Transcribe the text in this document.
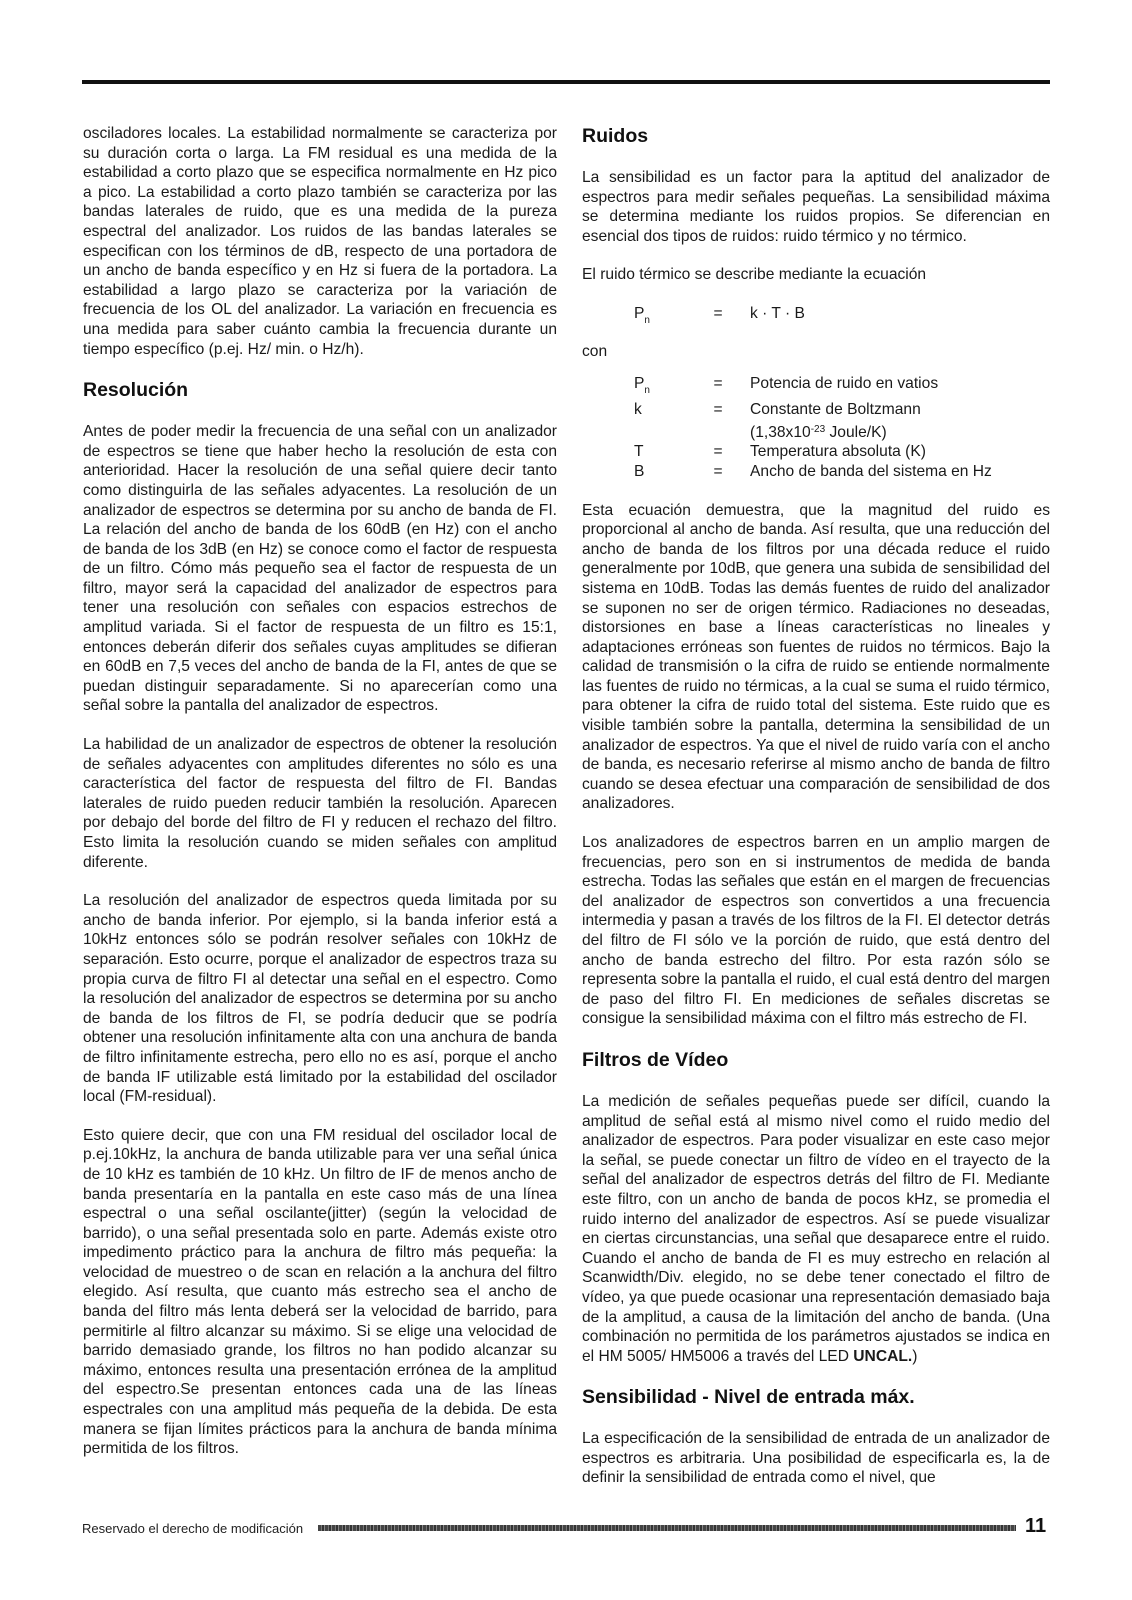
osciladores locales. La estabilidad normalmente se caracteriza por su duración corta o larga. La FM residual es una medida de la estabilidad a corto plazo que se especifica normalmente en Hz pico a pico. La estabilidad a corto plazo también se caracteriza por las bandas laterales de ruido, que es una medida de la pureza espectral del analizador. Los ruidos de las bandas laterales se especifican con los términos de dB, respecto de una portadora de un ancho de banda específico y en Hz si fuera de la portadora. La estabilidad a largo plazo se caracteriza por la variación de frecuencia de los OL del analizador. La variación en frecuencia es una medida para saber cuánto cambia la frecuencia durante un tiempo específico (p.ej. Hz/ min. o Hz/h).

Resolución

Antes de poder medir la frecuencia de una señal con un analizador de espectros se tiene que haber hecho la resolución de esta con anterioridad. Hacer la resolución de una señal quiere decir tanto como distinguirla de las señales adyacentes. La resolución de un analizador de espectros se determina por su ancho de banda de FI. La relación del ancho de banda de los 60dB (en Hz) con el ancho de banda de los 3dB (en Hz) se conoce como el factor de respuesta de un filtro. Cómo más pequeño sea el factor de respuesta de un filtro, mayor será la capacidad del analizador de espectros para tener una resolución con señales con espacios estrechos de amplitud variada. Si el factor de respuesta de un filtro es 15:1, entonces deberán diferir dos señales cuyas amplitudes se difieran en 60dB en 7,5 veces del ancho de banda de la FI, antes de que se puedan distinguir separadamente. Si no aparecerían como una señal sobre la pantalla del analizador de espectros.

La habilidad de un analizador de espectros de obtener la resolución de señales adyacentes con amplitudes diferentes no sólo es una característica del factor de respuesta del filtro de FI. Bandas laterales de ruido pueden reducir también la resolución. Aparecen por debajo del borde del filtro de FI y reducen el rechazo del filtro. Esto limita la resolución cuando se miden señales con amplitud diferente.

La resolución del analizador de espectros queda limitada por su ancho de banda inferior. Por ejemplo, si la banda inferior está a 10kHz entonces sólo se podrán resolver señales con 10kHz de separación. Esto ocurre, porque el analizador de espectros traza su propia curva de filtro FI al detectar una señal en el espectro. Como la resolución del analizador de espectros se determina por su ancho de banda de los filtros de FI, se podría deducir que se podría obtener una resolución infinitamente alta con una anchura de banda de filtro infinitamente estrecha, pero ello no es así, porque el ancho de banda IF utilizable está limitado por la estabilidad del oscilador local (FM-residual).

Esto quiere decir, que con una FM residual del oscilador local de p.ej.10kHz, la anchura de banda utilizable para ver una señal única de 10 kHz es también de 10 kHz. Un filtro de IF de menos ancho de banda presentaría en la pantalla en este caso más de una línea espectral o una señal oscilante(jitter) (según la velocidad de barrido), o una señal presentada solo en parte. Además existe otro impedimento práctico para la anchura de filtro más pequeña: la velocidad de muestreo o de scan en relación a la anchura del filtro elegido. Así resulta, que cuanto más estrecho sea el ancho de banda del filtro más lenta deberá ser la velocidad de barrido, para permitirle al filtro alcanzar su máximo. Si se elige una velocidad de barrido demasiado grande, los filtros no han podido alcanzar su máximo, entonces resulta una presentación errónea de la amplitud del espectro.Se presentan entonces cada una de las líneas espectrales con una amplitud más pequeña de la debida. De esta manera se fijan límites prácticos para la anchura de banda mínima permitida de los filtros.

Ruidos

La sensibilidad es un factor para la aptitud del analizador de espectros para medir señales pequeñas. La sensibilidad máxima se determina mediante los ruidos propios. Se diferencian en esencial dos tipos de ruidos: ruido térmico y no térmico.

El ruido térmico se describe mediante la ecuación

$P_n$	=	k · T · B

con

$P_n$	=	Potencia de ruido en vatios
k	=	Constante de Boltzmann
		($1,38x10^{-23}$ Joule/K)
T	=	Temperatura absoluta (K)
B	=	Ancho de banda del sistema en Hz

Esta ecuación demuestra, que la magnitud del ruido es proporcional al ancho de banda. Así resulta, que una reducción del ancho de banda de los filtros por una década reduce el ruido generalmente por 10dB, que genera una subida de sensibilidad del sistema en 10dB. Todas las demás fuentes de ruido del analizador se suponen no ser de origen térmico. Radiaciones no deseadas, distorsiones en base a líneas características no lineales y adaptaciones erróneas son fuentes de ruidos no térmicos. Bajo la calidad de transmisión o la cifra de ruido se entiende normalmente las fuentes de ruido no térmicas, a la cual se suma el ruido térmico, para obtener la cifra de ruido total del sistema. Este ruido que es visible también sobre la pantalla, determina la sensibilidad de un analizador de espectros. Ya que el nivel de ruido varía con el ancho de banda, es necesario referirse al mismo ancho de banda de filtro cuando se desea efectuar una comparación de sensibilidad de dos analizadores.

Los analizadores de espectros barren en un amplio margen de frecuencias, pero son en si instrumentos de medida de banda estrecha. Todas las señales que están en el margen de frecuencias del analizador de espectros son convertidos a una frecuencia intermedia y pasan a través de los filtros de la FI. El detector detrás del filtro de FI sólo ve la porción de ruido, que está dentro del ancho de banda estrecho del filtro. Por esta razón sólo se representa sobre la pantalla el ruido, el cual está dentro del margen de paso del filtro FI. En mediciones de señales discretas se consigue la sensibilidad máxima con el filtro más estrecho de FI.

Filtros de Vídeo

La medición de señales pequeñas puede ser difícil, cuando la amplitud de señal está al mismo nivel como el ruido medio del analizador de espectros. Para poder visualizar en este caso mejor la señal, se puede conectar un filtro de vídeo en el trayecto de la señal del analizador de espectros detrás del filtro de FI. Mediante este filtro, con un ancho de banda de pocos kHz, se promedia el ruido interno del analizador de espectros. Así se puede visualizar en ciertas circunstancias, una señal que desaparece entre el ruido. Cuando el ancho de banda de FI es muy estrecho en relación al Scanwidth/Div. elegido, no se debe tener conectado el filtro de vídeo, ya que puede ocasionar una representación demasiado baja de la amplitud, a causa de la limitación del ancho de banda. (Una combinación no permitida de los parámetros ajustados se indica en el HM 5005/ HM5006 a través del LED UNCAL.)

Sensibilidad - Nivel de entrada máx.

La especificación de la sensibilidad de entrada de un analizador de espectros es arbitraria. Una posibilidad de especificarla es, la de definir la sensibilidad de entrada como el nivel, que

Reservado el derecho de modificación	11
